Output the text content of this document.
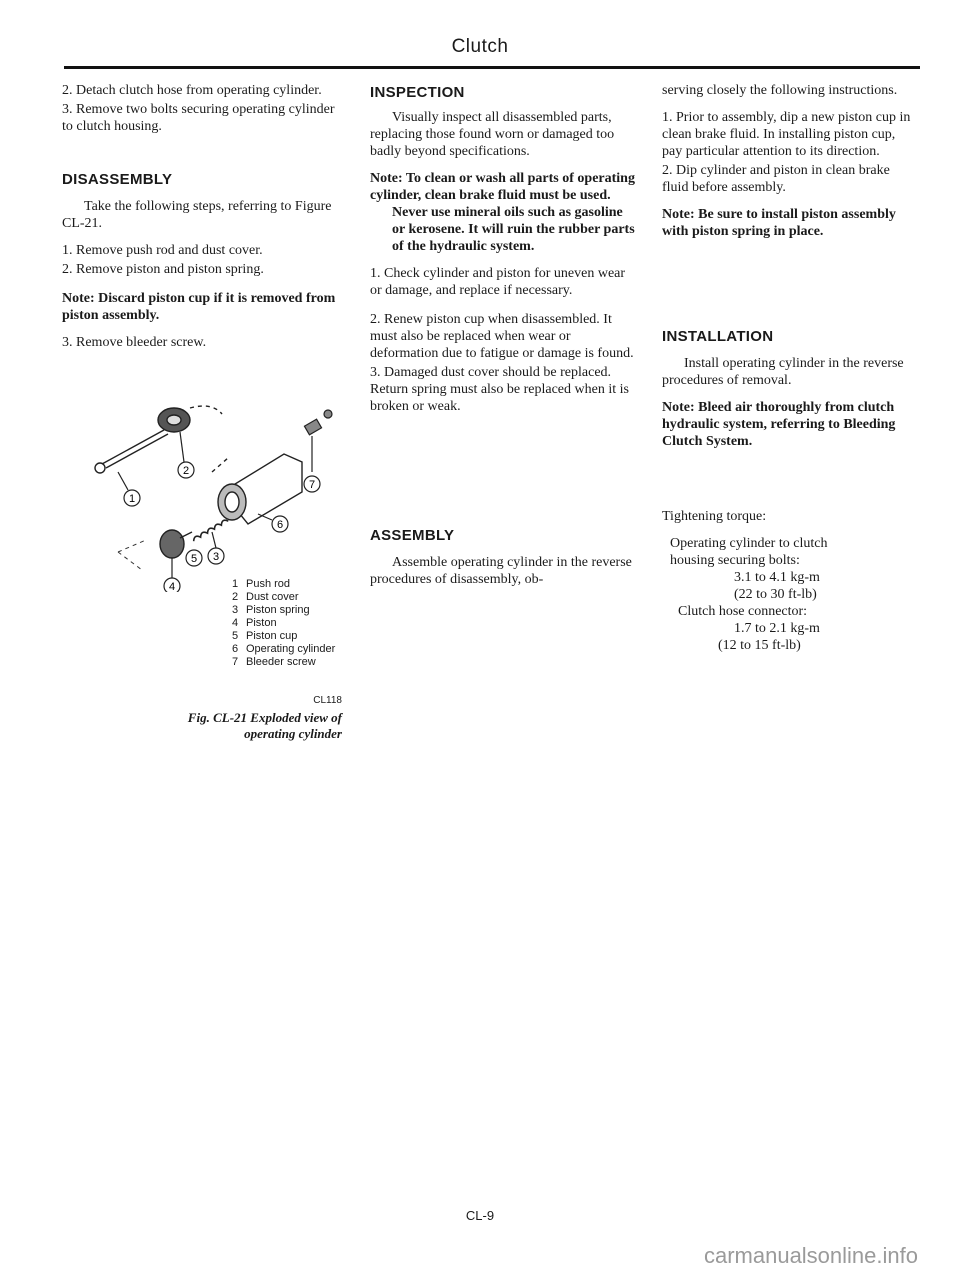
Clutch

2. Detach clutch hose from operating cylinder.

3. Remove two bolts securing operating cylinder to clutch housing.

DISASSEMBLY

Take the following steps, referring to Figure CL-21.

1. Remove push rod and dust cover.

2. Remove piston and piston spring.

Note: Discard piston cup if it is removed from piston assembly.

3. Remove bleeder screw.

2
1
7
6
5 3
4	1 Push rod
2 Dust cover
3 Piston spring
4 Piston
5 Piston cup
6 Operating cylinder
7 Bleeder screw
CL118
Fig. CL-21 Exploded view of
operating cylinder
INSPECTION

Visually inspect all disassembled parts, replacing those found worn or damaged too badly beyond specifications.

Note: To clean or wash all parts of operating cylinder, clean brake fluid must be used.
Never use mineral oils such as gasoline or kerosene. It will ruin the rubber parts of the hydraulic system.

1. Check cylinder and piston for uneven wear or damage, and replace if necessary.

2. Renew piston cup when disassembled. It must also be replaced when wear or deformation due to fatigue or damage is found.

3. Damaged dust cover should be replaced. Return spring must also be replaced when it is broken or weak.

ASSEMBLY

Assemble operating cylinder in the reverse procedures of disassembly, ob-

serving closely the following instructions.

1. Prior to assembly, dip a new piston cup in clean brake fluid. In installing piston cup, pay particular attention to its direction.

2. Dip cylinder and piston in clean brake fluid before assembly.

Note: Be sure to install piston assembly with piston spring in place.
INSTALLATION

Install operating cylinder in the reverse procedures of removal.

Note: Bleed air thoroughly from clutch hydraulic system, referring to Bleeding Clutch System.
Tightening torque:
Operating cylinder to clutch housing securing bolts:
3.1 to 4.1 kg-m
(22 to 30 ft-lb)
Clutch hose connector:
1.7 to 2.1 kg-m
(12 to 15 ft-lb)
CL-9
carmanualsonline.info
